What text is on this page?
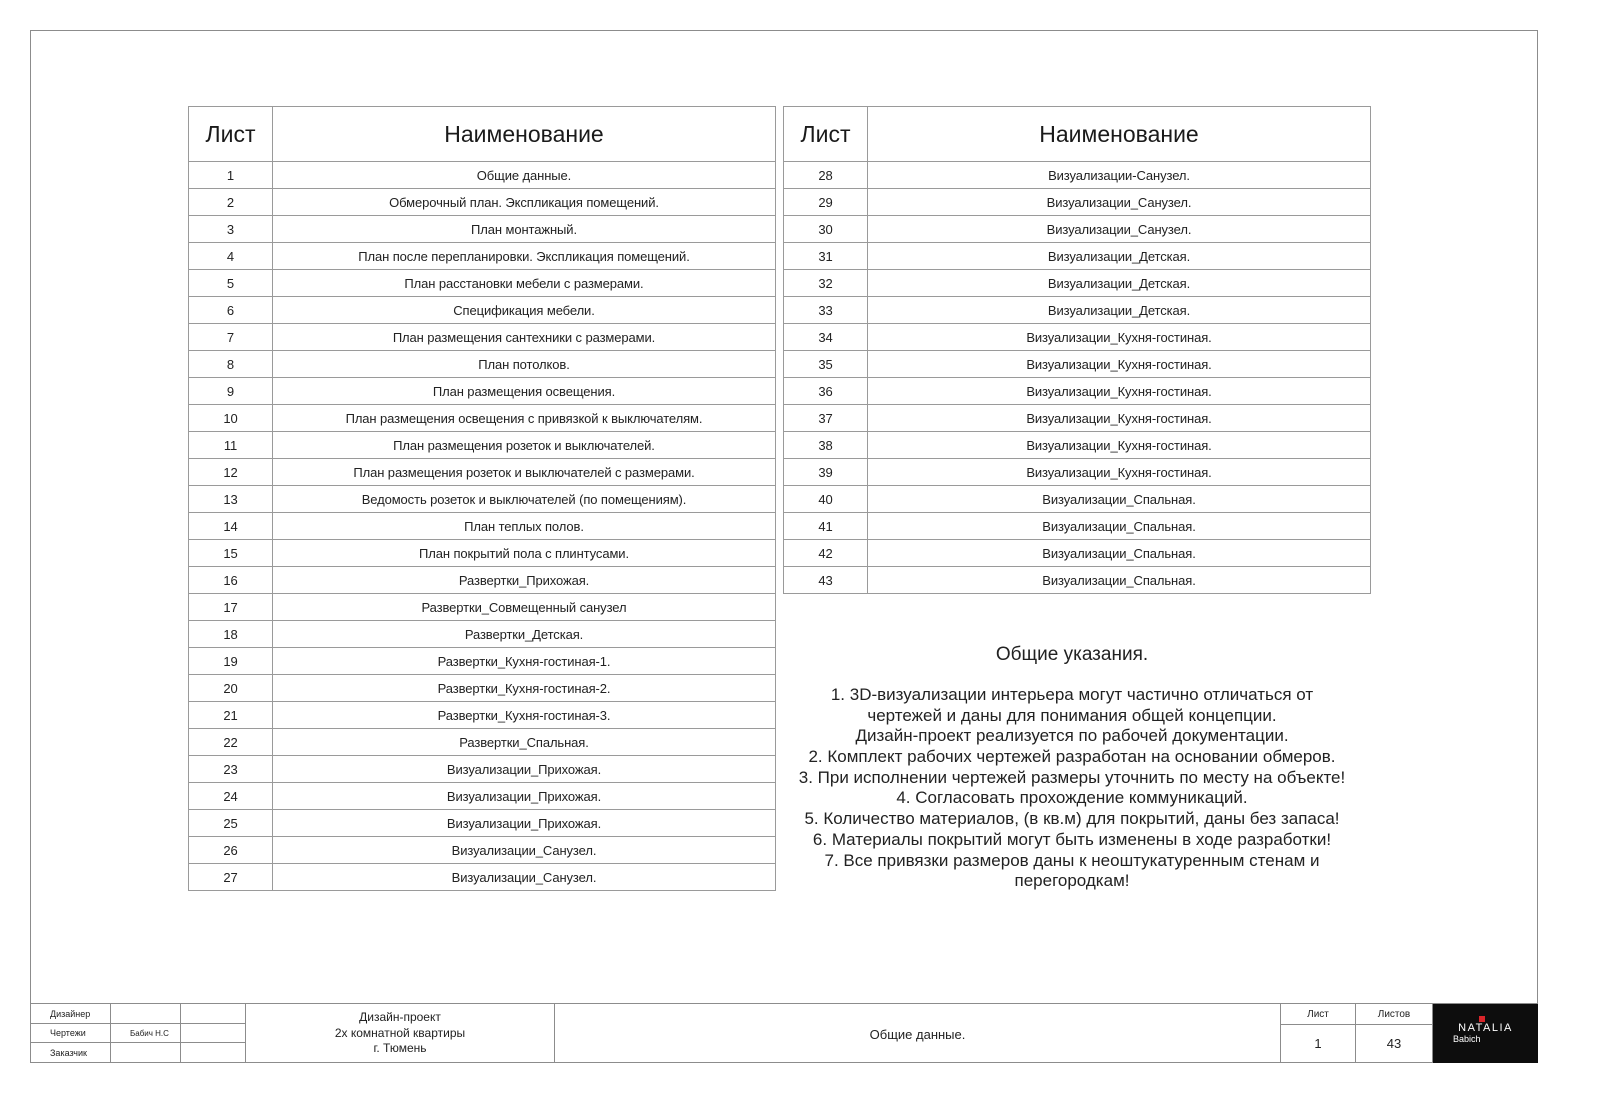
Лист	Наименование
1	Общие данные.
2	Обмерочный план. Экспликация помещений.
3	План монтажный.
4	План после перепланировки. Экспликация помещений.
5	План расстановки мебели с размерами.
6	Спецификация мебели.
7	План размещения сантехники с размерами.
8	План потолков.
9	План размещения освещения.
10	План размещения освещения с привязкой к выключателям.
11	План размещения розеток и выключателей.
12	План размещения розеток и выключателей с размерами.
13	Ведомость розеток и выключателей (по помещениям).
14	План теплых полов.
15	План покрытий пола с плинтусами.
16	Развертки_Прихожая.
17	Развертки_Совмещенный санузел
18	Развертки_Детская.
19	Развертки_Кухня-гостиная-1.
20	Развертки_Кухня-гостиная-2.
21	Развертки_Кухня-гостиная-3.
22	Развертки_Спальная.
23	Визуализации_Прихожая.
24	Визуализации_Прихожая.
25	Визуализации_Прихожая.
26	Визуализации_Санузел.
27	Визуализации_Санузел.
Лист	Наименование
28	Визуализации-Санузел.
29	Визуализации_Санузел.
30	Визуализации_Санузел.
31	Визуализации_Детская.
32	Визуализации_Детская.
33	Визуализации_Детская.
34	Визуализации_Кухня-гостиная.
35	Визуализации_Кухня-гостиная.
36	Визуализации_Кухня-гостиная.
37	Визуализации_Кухня-гостиная.
38	Визуализации_Кухня-гостиная.
39	Визуализации_Кухня-гостиная.
40	Визуализации_Спальная.
41	Визуализации_Спальная.
42	Визуализации_Спальная.
43	Визуализации_Спальная.
Общие указания.
1. 3D-визуализации интерьера могут частично отличаться от
чертежей и даны для понимания общей концепции.
Дизайн-проект реализуется по рабочей документации.
2. Комплект рабочих чертежей разработан на основании обмеров.
3. При исполнении чертежей размеры уточнить по месту на объекте!
4. Согласовать прохождение коммуникаций.
5. Количество материалов, (в кв.м) для покрытий, даны без запаса!
6. Материалы покрытий могут быть изменены в ходе разработки!
7. Все привязки размеров даны к неоштукатуренным стенам и
перегородкам!
Дизайнер
Чертежи	Бабич Н.С
Заказчик
Дизайн-проект
2х комнатной квартиры
г. Тюмень
Общие данные.
Лист
1
Листов
43
NATALIA
Babich
